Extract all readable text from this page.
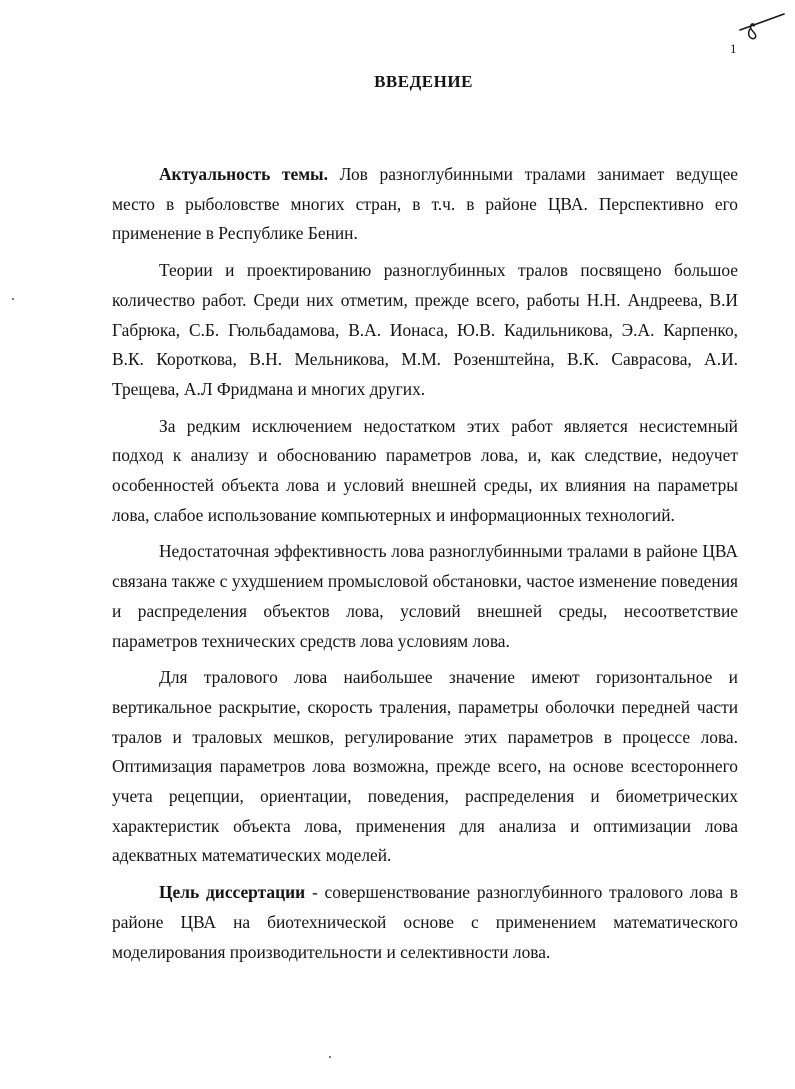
1
ВВЕДЕНИЕ

Актуальность темы. Лов разноглубинными тралами занимает ведущее место в рыболовстве многих стран, в т.ч. в районе ЦВА. Перспективно его применение в Республике Бенин.

Теории и проектированию разноглубинных тралов посвящено большое количество работ. Среди них отметим, прежде всего, работы Н.Н. Андреева, В.И Габрюка, С.Б. Гюльбадамова, В.А. Ионаса, Ю.В. Кадильникова, Э.А. Карпенко, В.К. Короткова, В.Н. Мельникова, М.М. Розенштейна, В.К. Саврасова, А.И. Трещева, А.Л Фридмана и многих других.

За редким исключением недостатком этих работ является несистемный подход к анализу и обоснованию параметров лова, и, как следствие, недоучет особенностей объекта лова и условий внешней среды, их влияния на параметры лова, слабое использование компьютерных и информационных технологий.

Недостаточная эффективность лова разноглубинными тралами в районе ЦВА связана также с ухудшением промысловой обстановки, частое изменение поведения и распределения объектов лова, условий внешней среды, несоответствие параметров технических средств лова условиям лова.

Для тралового лова наибольшее значение имеют горизонтальное и вертикальное раскрытие, скорость траления, параметры оболочки передней части тралов и траловых мешков, регулирование этих параметров в процессе лова. Оптимизация параметров лова возможна, прежде всего, на основе всестороннего учета рецепции, ориентации, поведения, распределения и биометрических характеристик объекта лова, применения для анализа и оптимизации лова адекватных математических моделей.

Цель диссертации - совершенствование разноглубинного тралового лова в районе ЦВА на биотехнической основе с применением математического моделирования производительности и селективности лова.
